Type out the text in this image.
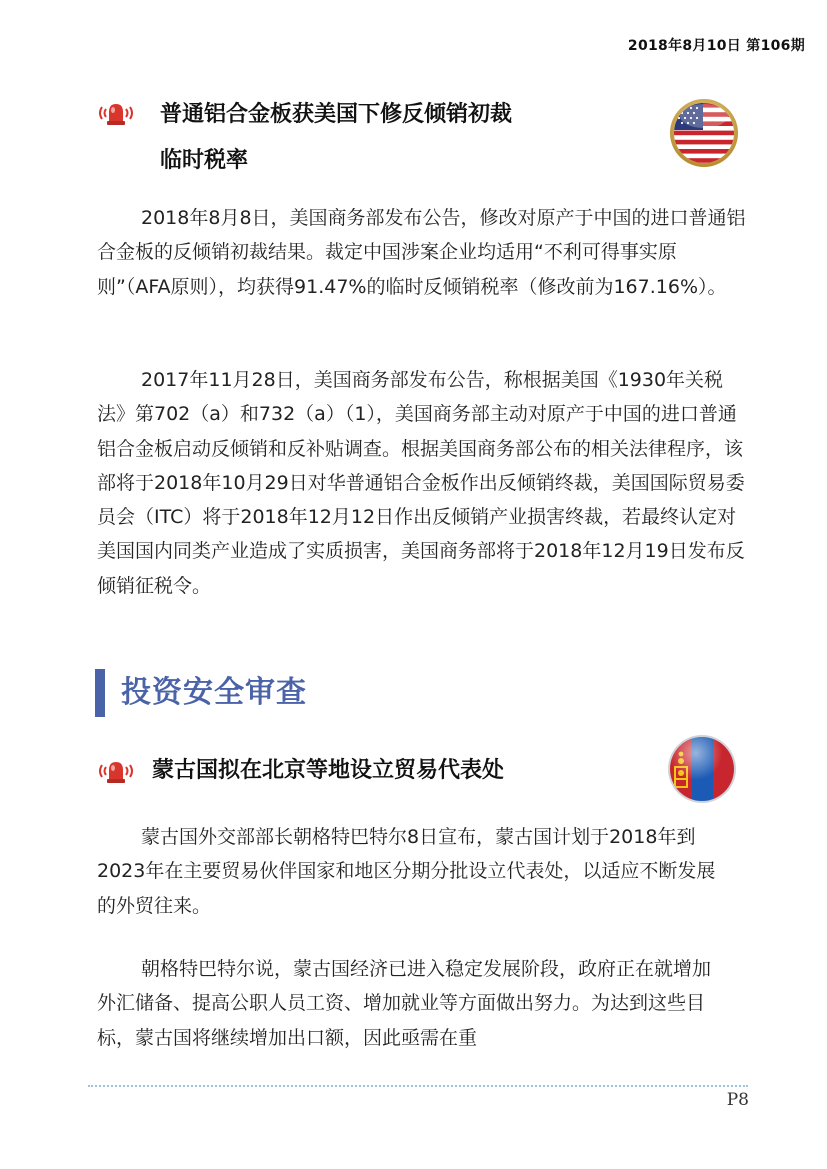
2018年8月10日 第106期
普通铝合金板获美国下修反倾销初裁
临时税率

2018年8月8日，美国商务部发布公告，修改对原产于中国的进口普通铝合金板的反倾销初裁结果。裁定中国涉案企业均适用“不利可得事实原则”（AFA原则），均获得91.47%的临时反倾销税率（修改前为167.16%）。

2017年11月28日，美国商务部发布公告，称根据美国《1930年关税法》第702（a）和732（a）（1），美国商务部主动对原产于中国的进口普通铝合金板启动反倾销和反补贴调查。根据美国商务部公布的相关法律程序，该部将于2018年10月29日对华普通铝合金板作出反倾销终裁，美国国际贸易委员会（ITC）将于2018年12月12日作出反倾销产业损害终裁，若最终认定对美国国内同类产业造成了实质损害，美国商务部将于2018年12月19日发布反倾销征税令。

投资安全审查
蒙古国拟在北京等地设立贸易代表处

蒙古国外交部部长朝格特巴特尔8日宣布，蒙古国计划于2018年到2023年在主要贸易伙伴国家和地区分期分批设立代表处，以适应不断发展的外贸往来。

朝格特巴特尔说，蒙古国经济已进入稳定发展阶段，政府正在就增加外汇储备、提高公职人员工资、增加就业等方面做出努力。为达到这些目标，蒙古国将继续增加出口额，因此亟需在重

P8
